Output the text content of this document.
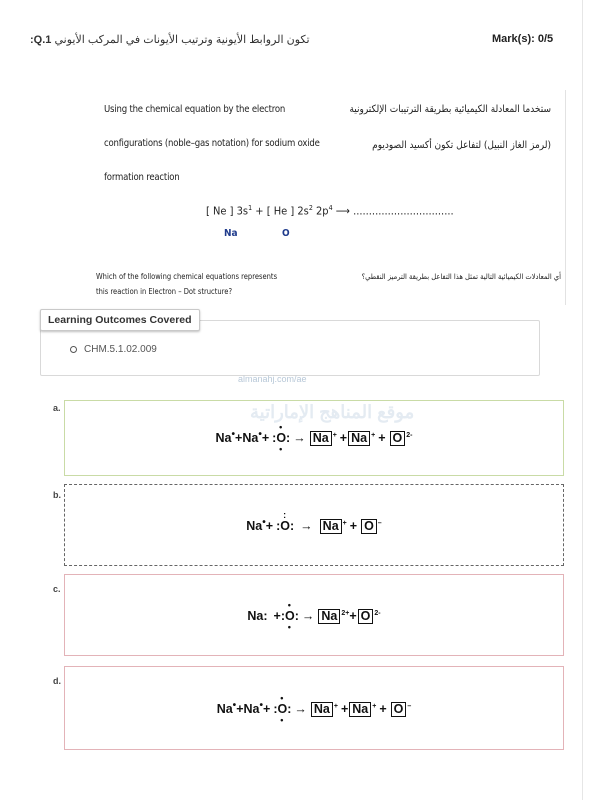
تكون الروابط الأيونية وترتيب الأيونات في المركب الأيوني Q.1:	Mark(s): 0/5
Using the chemical equation by the electron
configurations (noble–gas notation) for sodium oxide
formation reaction
ستخدما المعادلة الكيميائية بطريقة الترتيبات الإلكترونية
(لرمز الغاز النبيل) لتفاعل تكون أكسيد الصوديوم
[ Ne ] $3s^1$ + [ He ] $2s^2$ $2p^4$ ⟶ ................................
Na	O
Which of the following chemical equations represents
this reaction in Electron – Dot structure?
أي المعادلات الكيميائية التالية تمثل هذا التفاعل بطريقة الترميز النقطي؟
Learning Outcomes Covered
CHM.5.1.02.009
almanahj.com/ae
موقع المناهج الإماراتية
a.
Na•+Na•+
•
:O:
•
→ Na + + Na + + O $^{2-}$
b.
Na•+
:
:O: → Na + + O –
c.
Na: +
•
:O:
•
→ Na $^{2+}$+ O $^{2-}$
d.
Na•+Na•+
•
:O:
•
→ Na + + Na + + O –
